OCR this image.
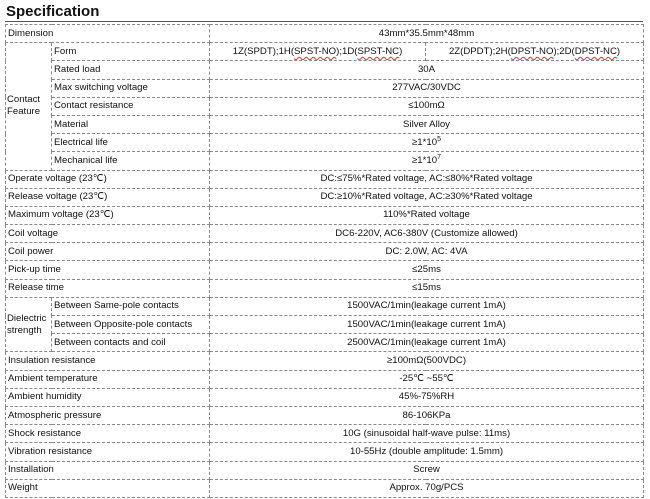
Specification
Dimension		43mm*35.5mm*48mm	

Contact
Feature	Form	1Z(SPDT);1H(SPST-NO);1D(SPST-NC)	2Z(DPDT);2H(DPST-NO);2D(DPST-NC)
	Rated load	30A	
	Max switching voltage	277VAC/30VDC	
	Contact resistance	≤100mΩ	
	Material	Silver Alloy	
	Electrical life	$\ge 1*10^5$
	Mechanical life	$\ge 1*10^7$
Operate voltage (23℃)		DC:≤75%*Rated voltage, AC:≤80%*Rated voltage	
Release voltage (23℃)		DC:≥10%*Rated voltage, AC:≥30%*Rated voltage	
Maximum voltage (23℃)		110%*Rated voltage	
Coil voltage		DC6-220V, AC6-380V (Customize allowed)	
Coil power		DC: 2.0W, AC: 4VA	
Pick-up time		≤25ms	
Release time		≤15ms	

Dielectric
strength	Between Same-pole contacts	1500VAC/1min(leakage current 1mA)	
	Between Opposite-pole contacts	1500VAC/1min(leakage current 1mA)	
	Between contacts and coil	2500VAC/1min(leakage current 1mA)	
Insulation resistance		≥100mΩ(500VDC)	
Ambient temperature		-25℃ ~55℃	
Ambient humidity		45%-75%RH	
Atmospheric pressure		86-106KPa	
Shock resistance		10G (sinusoidal half-wave pulse: 11ms)	
Vibration resistance		10-55Hz (double amplitude: 1.5mm)	
Installation		Screw	
Weight		Approx. 70g/PCS	
